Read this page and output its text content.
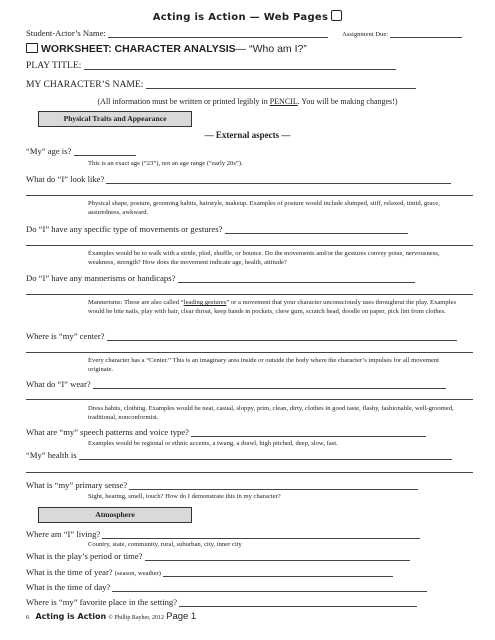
Acting is Action — Web Pages
Student-Actor’s Name:	Assignment Due:
WORKSHEET: CHARACTER ANALYSIS— “Who am I?”
PLAY TITLE:
MY CHARACTER’S NAME:
(All information must be written or printed legibly in PENCIL. You will be making changes!)
Physical Traits and Appearance
— External aspects —
“My” age is?
This is an exact age (“23”), not an age range (“early 20s”).
What do “I” look like?
Physical shape, posture, grooming habits, hairstyle, makeup. Examples of posture would include slumped, stiff, relaxed, timid, grace, assuredness, awkward.
Do “I” have any specific type of movements or gestures?
Examples would be to walk with a stride, plod, shuffle, or bounce. Do the movements and/or the gestures convey poise, nervousness, weakness, strength? How does the movement indicate age, health, attitude?
Do “I” have any mannerisms or handicaps?
Mannerisms: These are also called “leading gestures” or a movement that your character unconsciously uses throughout the play. Examples would be bite nails, play with hair, clear throat, keep hands in pockets, chew gum, scratch head, doodle on paper, pick lint from clothes.
Where is “my” center?
Every character has a “Center.” This is an imaginary area inside or outside the body where the character’s impulses for all movement originate.
What do “I” wear?
Dress habits, clothing. Examples would be neat, casual, sloppy, prim, clean, dirty, clothes in good taste, flashy, fashionable, well-groomed, traditional, nonconformist.
What are “my” speech patterns and voice type?
Examples would be regional or ethnic accents, a twang, a drawl, high pitched, deep, slow, fast.
“My” health is
What is “my” primary sense?
Sight, hearing, smell, touch? How do I demonstrate this in my character?
Atmosphere
Where am “I” living?
Country, state, community, rural, suburban, city, inner city
What is the play’s period or time?
What is the time of year? (season, weather)
What is the time of day?
Where is “my” favorite place in the setting?
6 Acting is Action © Phillip Rayher, 2012 Page 1
